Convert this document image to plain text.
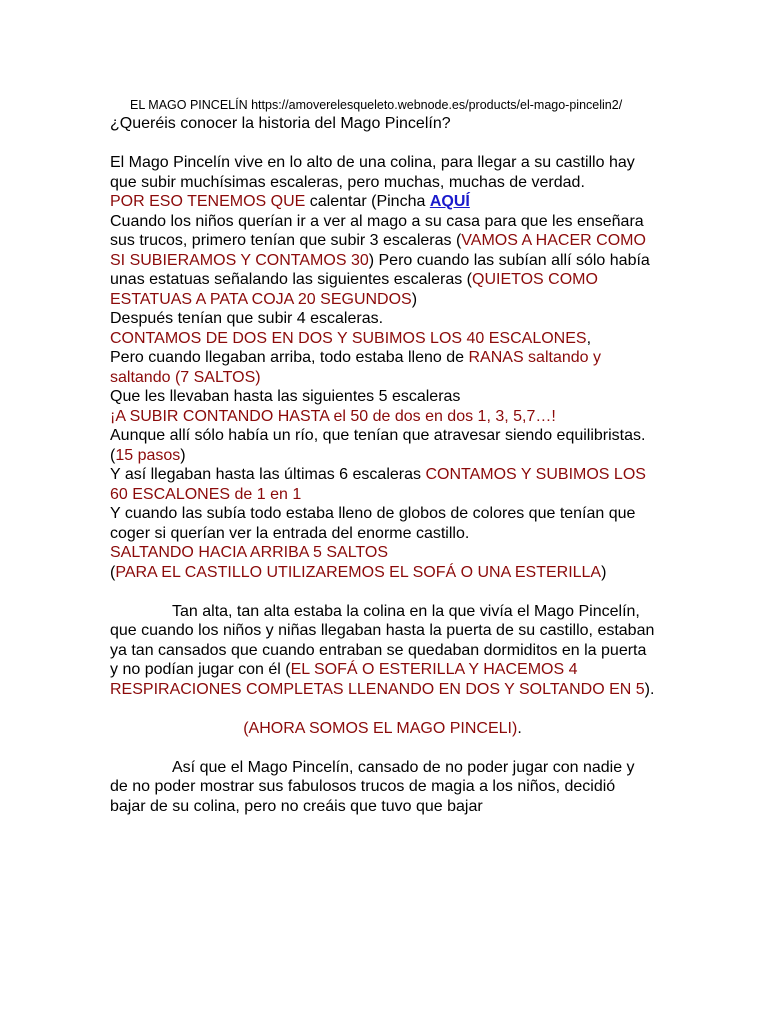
EL MAGO PINCELÍN https://amoverelesqueleto.webnode.es/products/el-mago-pincelin2/

¿Queréis conocer la historia del Mago Pincelín?

El Mago Pincelín vive en lo alto de una colina, para llegar a su castillo hay que subir muchísimas escaleras, pero muchas, muchas de verdad.

POR ESO TENEMOS QUE calentar (Pincha AQUÍ

Cuando los niños querían ir a ver al mago a su casa para que les enseñara sus trucos, primero tenían que subir 3 escaleras (VAMOS A HACER COMO SI SUBIERAMOS Y CONTAMOS 30) Pero cuando las subían allí sólo había unas estatuas señalando las siguientes escaleras (QUIETOS COMO ESTATUAS A PATA COJA 20 SEGUNDOS)

Después tenían que subir 4 escaleras.

CONTAMOS DE DOS EN DOS Y SUBIMOS LOS 40 ESCALONES,

Pero cuando llegaban arriba, todo estaba lleno de RANAS saltando y saltando (7 SALTOS)

Que les llevaban hasta las siguientes 5 escaleras

¡A SUBIR CONTANDO HASTA el 50 de dos en dos 1, 3, 5,7…!

Aunque allí sólo había un río, que tenían que atravesar siendo equilibristas.

(15 pasos)

Y así llegaban hasta las últimas 6 escaleras CONTAMOS Y SUBIMOS LOS 60 ESCALONES de 1 en 1

Y cuando las subía todo estaba lleno de globos de colores que tenían que coger si querían ver la entrada del enorme castillo.

SALTANDO HACIA ARRIBA 5 SALTOS

(PARA EL CASTILLO UTILIZAREMOS EL SOFÁ O UNA ESTERILLA)

Tan alta, tan alta estaba la colina en la que vivía el Mago Pincelín, que cuando los niños y niñas llegaban hasta la puerta de su castillo, estaban ya tan cansados que cuando entraban se quedaban dormiditos en la puerta y no podían jugar con él (EL SOFÁ O ESTERILLA Y HACEMOS 4 RESPIRACIONES COMPLETAS LLENANDO EN DOS Y SOLTANDO EN 5).

(AHORA SOMOS EL MAGO PINCELI).

Así que el Mago Pincelín, cansado de no poder jugar con nadie y de no poder mostrar sus fabulosos trucos de magia a los niños, decidió bajar de su colina, pero no creáis que tuvo que bajar
